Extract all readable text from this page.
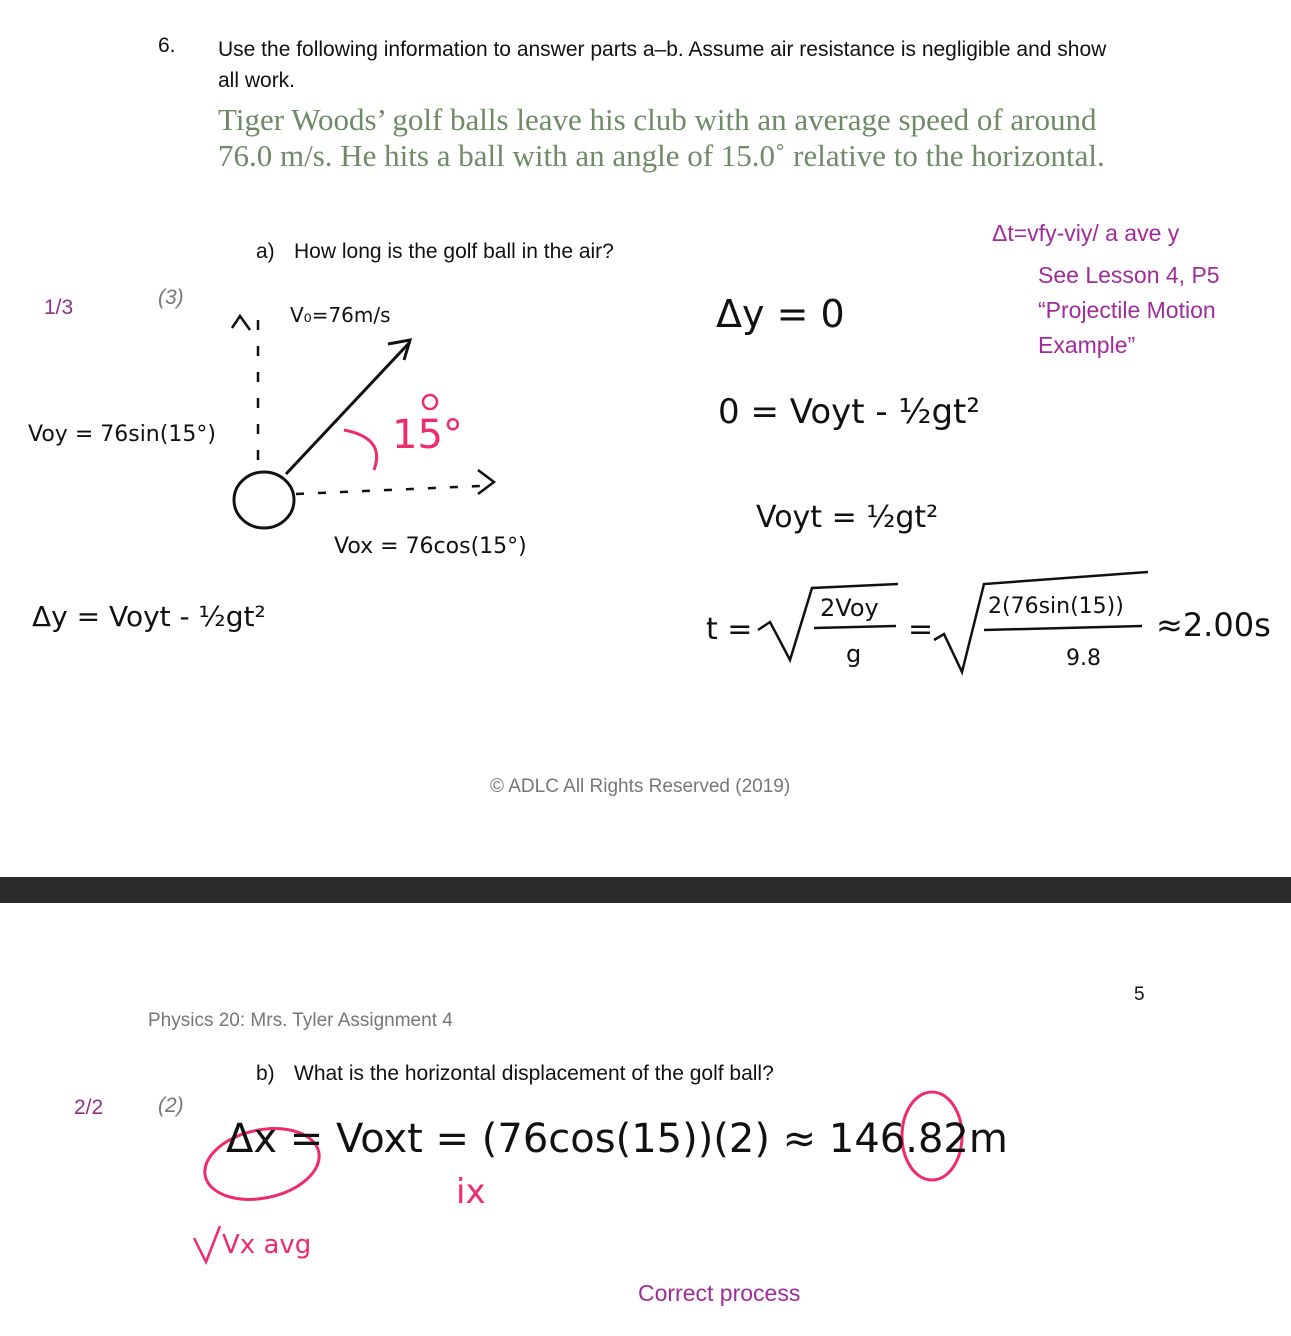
6. Use the following information to answer parts a–b. Assume air resistance is negligible and show all work.
Tiger Woods’ golf balls leave his club with an average speed of around 76.0 m/s. He hits a ball with an angle of 15.0˚ relative to the horizontal.
a) How long is the golf ball in the air?
1/3	(3)
Δt=vfy-viy/ a ave y
See Lesson 4, P5 “Projectile Motion Example”
V₀=76m/s
15°
Voy = 76sin(15°)
Vox = 76cos(15°)
Δy = Voyt - ½gt²
Δy = 0
0 = Voyt - ½gt²
Voyt = ½gt²
t =
2Voy
g
=
2(76sin(15))
9.8
≈2.00s
© ADLC All Rights Reserved (2019)
5
Physics 20: Mrs. Tyler Assignment 4
b) What is the horizontal displacement of the golf ball?
2/2	(2)
Δx = Voxt = (76cos(15))(2) ≈ 146.82m
ix
Vx avg
Correct process
